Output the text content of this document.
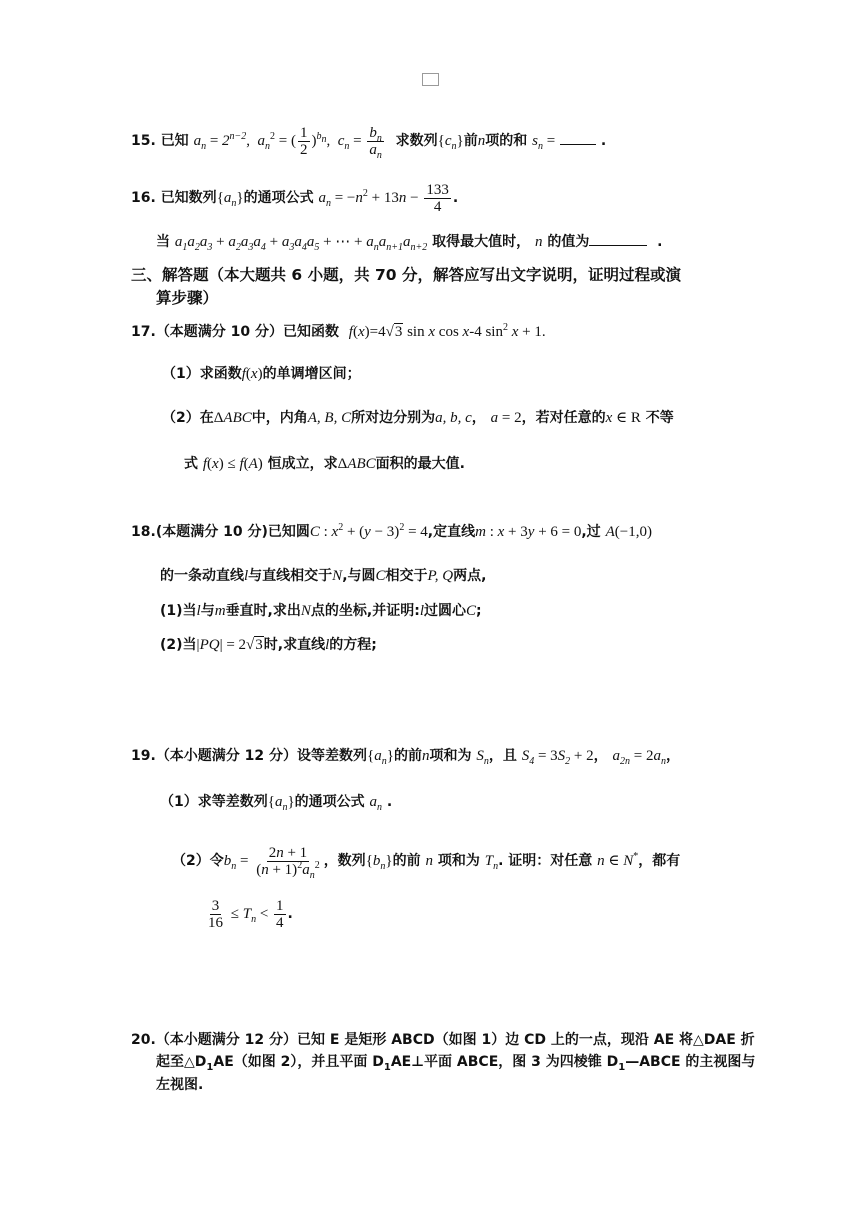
15. 已知 $a_n = 2^{n-2}$,  $a_n^2$ = ( $\frac{1}{2} )^{b_n}$,  $c_n = \frac{b_n}{a_n}$ 求数列$\{c_n\}$前n项的和 $s_n$ =	.
16. 已知数列$\{a_n\}$的通项公式 $a_n = -n^2 + 13n - \frac{133}{4}$ .
当 $a_1a_2a_3 + a_2a_3a_4 + a_3a_4a_5$ + ⋯ + $a_na_{n+1}a_{n+2}$ 取得最大值时， n 的值为	.
三、解答题（本大题共 6 小题，共 70 分，解答应写出文字说明，证明过程或演
算步骤）
17.（本题满分 10 分）已知函数 f(x)=4√3 sin x cos x-4 $\sin^2 x + 1$.
（1）求函数f(x)的单调增区间；
（2）在ΔABC中，内角A, B, C所对边分别为a, b, c， a = 2，若对任意的x ∈ R 不等
式 f(x) ≤ f(A) 恒成立，求ΔABC面积的最大值.
18.(本题满分 10 分)已知圆C : $x^2 + (y - 3)^2 = 4$,定直线m : x + 3y + 6 = 0,过 A(−1,0)
的一条动直线l与直线相交于N,与圆C相交于P, Q两点,
(1)当l与m垂直时,求出N点的坐标,并证明:l过圆心C;
(2)当|PQ| = 2√3时,求直线l的方程;
19.（本小题满分 12 分）设等差数列$\{a_n\}$的前n项和为 $S_n$，且 $S_4 = 3S_2 + 2$， $a_{2n} = 2a_n$，
（1）求等差数列$\{a_n\}$的通项公式 $a_n$ .
（2）令$b_n = \frac{2n + 1}{(n + 1)^2a_n^2}$ ，数列$\{b_n\}$的前 n 项和为 $T_n$. 证明：对任意 n ∈ N*，都有
$\frac{3}{16} \le T_n < \frac{1}{4}$ .
20.（本小题满分 12 分）已知 E 是矩形 ABCD（如图 1）边 CD 上的一点，现沿 AE 将△DAE 折
起至$\triangle D_1AE$（如图 2），并且平面 $D_1AE\perp$平面 ABCE，图 3 为四棱锥 $D_1—ABCE$ 的主视图与
左视图.
